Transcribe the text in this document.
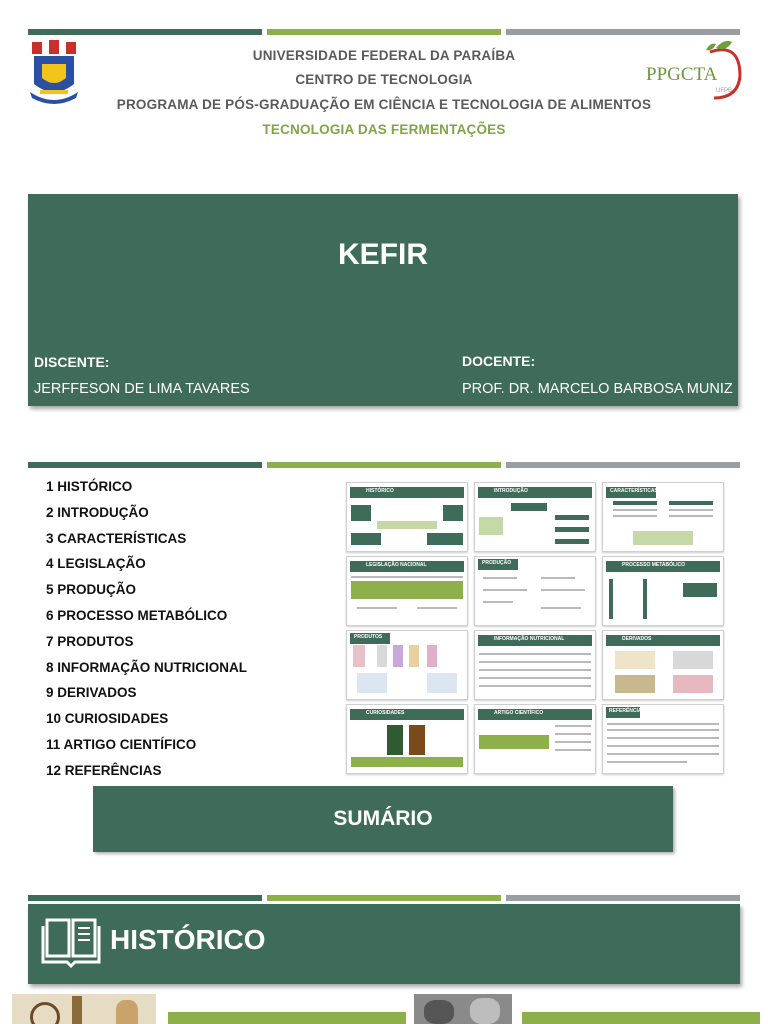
UNIVERSIDADE FEDERAL DA PARAÍBA
CENTRO DE TECNOLOGIA
PROGRAMA DE PÓS-GRADUAÇÃO EM CIÊNCIA E TECNOLOGIA DE ALIMENTOS
TECNOLOGIA DAS FERMENTAÇÕES
PPGCTA
UFPB
KEFIR
DISCENTE:
JERFFESON DE LIMA TAVARES
DOCENTE:
PROF. DR. MARCELO BARBOSA MUNIZ
1 HISTÓRICO
2 INTRODUÇÃO
3 CARACTERÍSTICAS
4 LEGISLAÇÃO
5 PRODUÇÃO
6 PROCESSO METABÓLICO
7 PRODUTOS
8 INFORMAÇÃO NUTRICIONAL
9 DERIVADOS
10 CURIOSIDADES
11 ARTIGO CIENTÍFICO
12 REFERÊNCIAS
HISTÓRICO	INTRODUÇÃO	CARACTERÍSTICAS
LEGISLAÇÃO NACIONAL	PRODUÇÃO	PROCESSO METABÓLICO
PRODUTOS	INFORMAÇÃO NUTRICIONAL	DERIVADOS
CURIOSIDADES	ARTIGO CIENTÍFICO	REFERÊNCIAS
SUMÁRIO
HISTÓRICO
